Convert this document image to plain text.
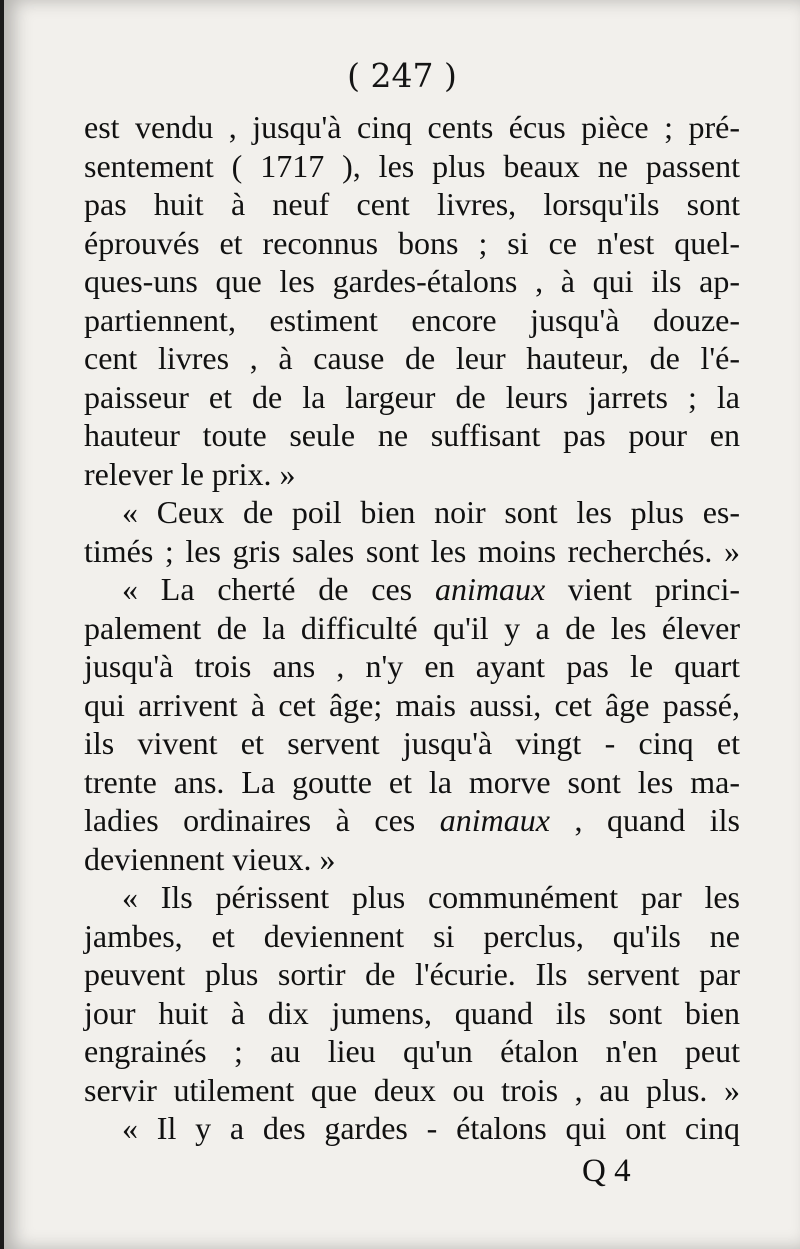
( 247 )
est vendu , jusqu'à cinq cents écus pièce ; pré-
sentement ( 1717 ), les plus beaux ne passent
pas huit à neuf cent livres, lorsqu'ils sont
éprouvés et reconnus bons ; si ce n'est quel-
ques-uns que les gardes-étalons , à qui ils ap-
partiennent, estiment encore jusqu'à douze-
cent livres , à cause de leur hauteur, de l'é-
paisseur et de la largeur de leurs jarrets ; la
hauteur toute seule ne suffisant pas pour en
relever le prix. »
« Ceux de poil bien noir sont les plus es-
timés ; les gris sales sont les moins recherchés. »
« La cherté de ces animaux vient princi-
palement de la difficulté qu'il y a de les élever
jusqu'à trois ans , n'y en ayant pas le quart
qui arrivent à cet âge; mais aussi, cet âge passé,
ils vivent et servent jusqu'à vingt - cinq et
trente ans. La goutte et la morve sont les ma-
ladies ordinaires à ces animaux , quand ils
deviennent vieux. »
« Ils périssent plus communément par les
jambes, et deviennent si perclus, qu'ils ne
peuvent plus sortir de l'écurie. Ils servent par
jour huit à dix jumens, quand ils sont bien
engrainés ; au lieu qu'un étalon n'en peut
servir utilement que deux ou trois , au plus. »
« Il y a des gardes - étalons qui ont cinq
Q 4
